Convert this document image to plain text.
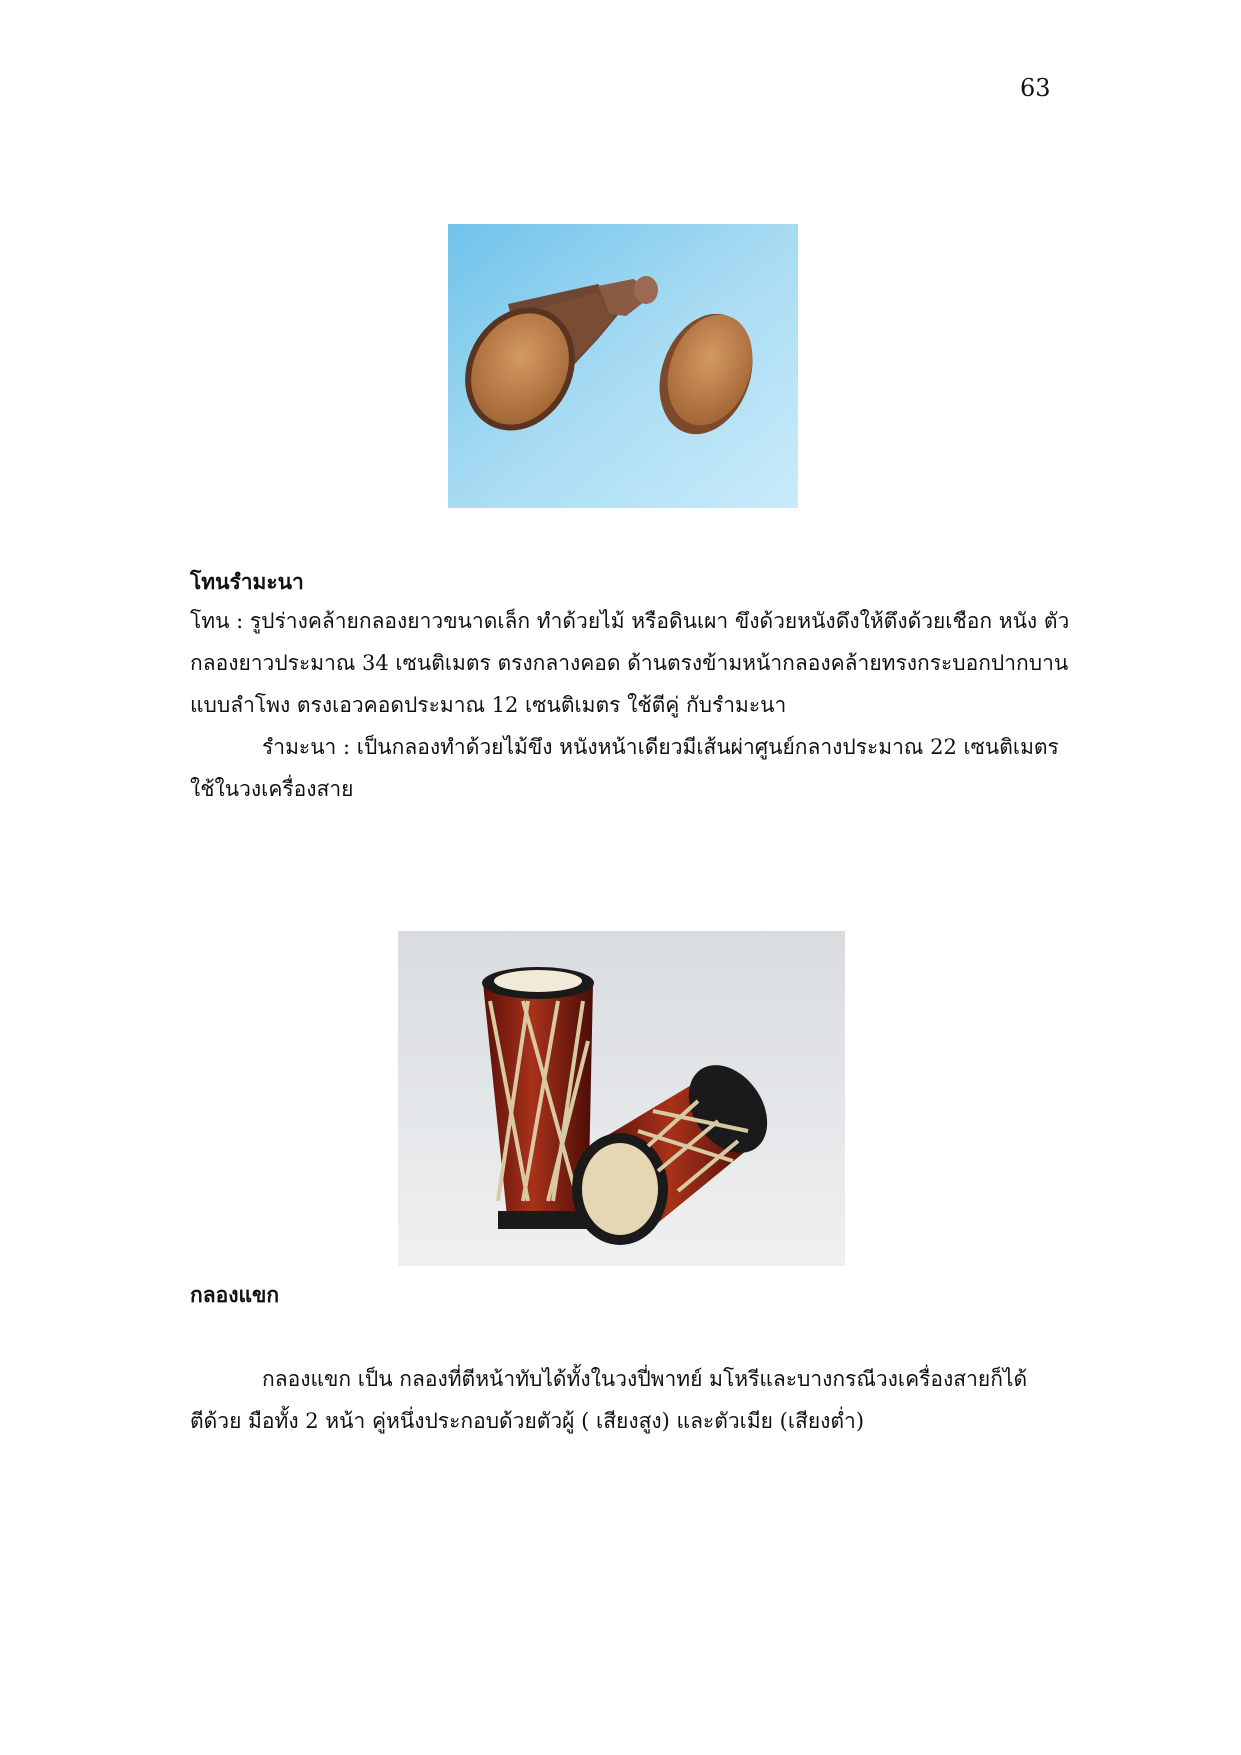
63
โทนรำมะนา
โทน : รูปร่างคล้ายกลองยาวขนาดเล็ก ทำด้วยไม้ หรือดินเผา ขึงด้วยหนังดึงให้ตึงด้วยเชือก หนัง ตัว
กลองยาวประมาณ 34 เซนติเมตร ตรงกลางคอด ด้านตรงข้ามหน้ากลองคล้ายทรงกระบอกปากบาน
แบบลำโพง ตรงเอวคอดประมาณ 12 เซนติเมตร ใช้ตีคู่ กับรำมะนา
รำมะนา : เป็นกลองทำด้วยไม้ขึง หนังหน้าเดียวมีเส้นผ่าศูนย์กลางประมาณ 22 เซนติเมตร
ใช้ในวงเครื่องสาย
กลองแขก
กลองแขก เป็น กลองที่ตีหน้าทับได้ทั้งในวงปี่พาทย์ มโหรีและบางกรณีวงเครื่องสายก็ได้
ตีด้วย มือทั้ง 2 หน้า คู่หนึ่งประกอบด้วยตัวผู้ ( เสียงสูง) และตัวเมีย (เสียงต่ำ)
